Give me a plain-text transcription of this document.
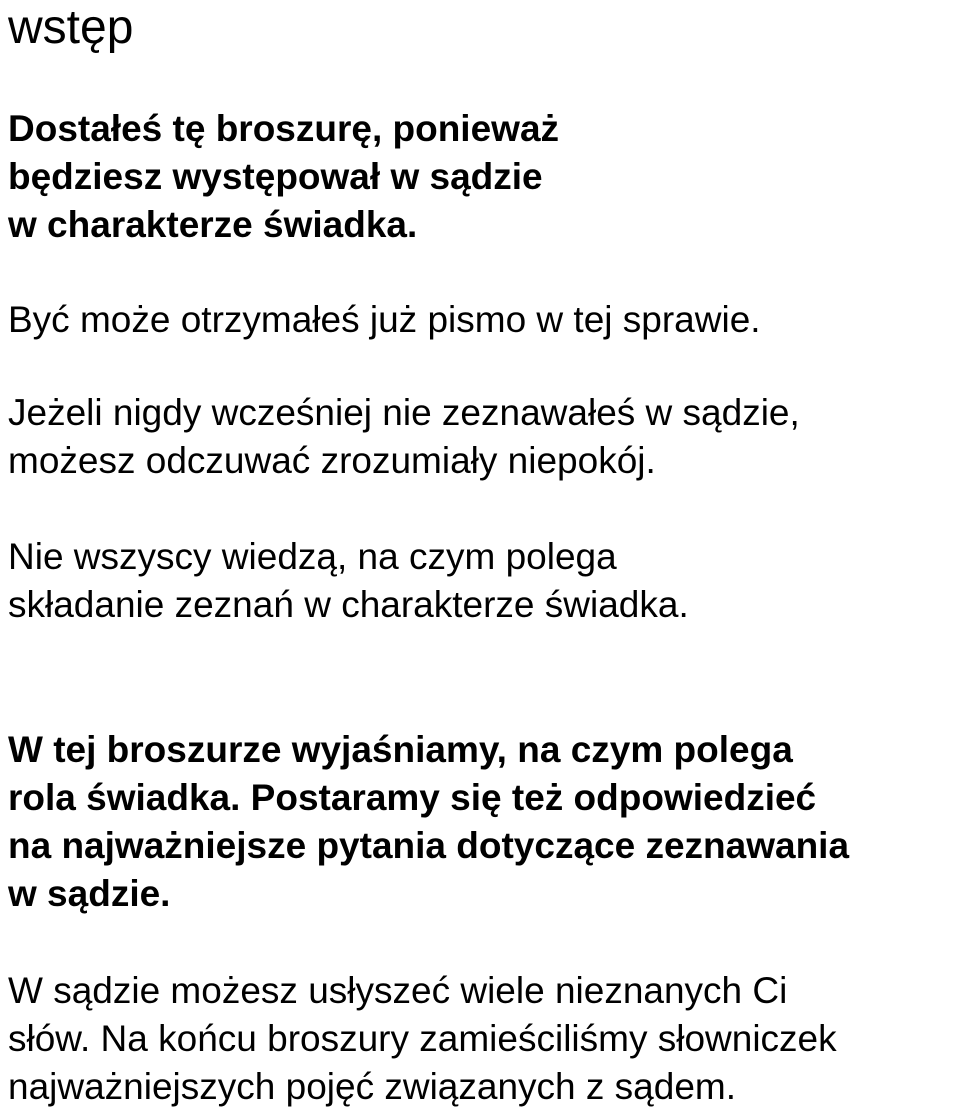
wstęp

Dostałeś tę broszurę, ponieważ
będziesz występował w sądzie
w charakterze świadka.

Być może otrzymałeś już pismo w tej sprawie.

Jeżeli nigdy wcześniej nie zeznawałeś w sądzie,
możesz odczuwać zrozumiały niepokój.

Nie wszyscy wiedzą, na czym polega
składanie zeznań w charakterze świadka.

W tej broszurze wyjaśniamy, na czym polega
rola świadka. Postaramy się też odpowiedzieć
na najważniejsze pytania dotyczące zeznawania
w sądzie.

W sądzie możesz usłyszeć wiele nieznanych Ci
słów. Na końcu broszury zamieściliśmy słowniczek
najważniejszych pojęć związanych z sądem.
